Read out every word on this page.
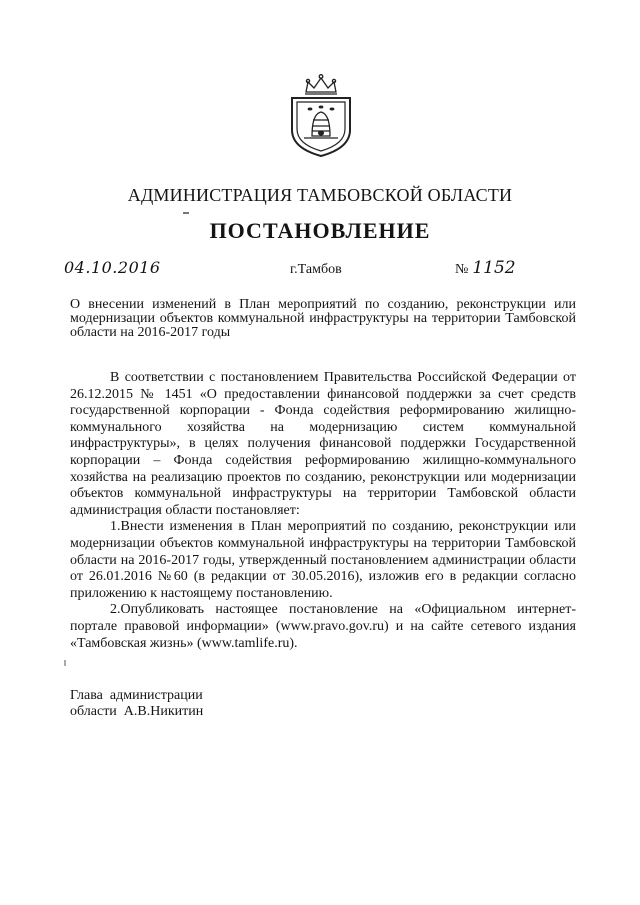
АДМИНИСТРАЦИЯ ТАМБОВСКОЙ ОБЛАСТИ
ПОСТАНОВЛЕНИЕ
04.10.2016	г.Тамбов	№ 1152
О внесении изменений в План мероприятий по созданию, реконструкции или модернизации объектов коммунальной инфраструктуры на территории Тамбовской области на 2016-2017 годы

В соответствии с постановлением Правительства Российской Федерации от 26.12.2015 № 1451 «О предоставлении финансовой поддержки за счет средств государственной корпорации - Фонда содействия реформированию жилищно-коммунального хозяйства на модернизацию систем коммунальной инфраструктуры», в целях получения финансовой поддержки Государственной корпорации – Фонда содействия реформированию жилищно-коммунального хозяйства на реализацию проектов по созданию, реконструкции или модернизации объектов коммунальной инфраструктуры на территории Тамбовской области администрация области постановляет:

1.Внести изменения в План мероприятий по созданию, реконструкции или модернизации объектов коммунальной инфраструктуры на территории Тамбовской области на 2016-2017 годы, утвержденный постановлением администрации области от 26.01.2016 №60 (в редакции от 30.05.2016), изложив его в редакции согласно приложению к настоящему постановлению.

2.Опубликовать настоящее постановление на «Официальном интернет-портале правовой информации» (www.pravo.gov.ru) и на сайте сетевого издания «Тамбовская жизнь» (www.tamlife.ru).

Глава  администрации
области  А.В.Никитин
